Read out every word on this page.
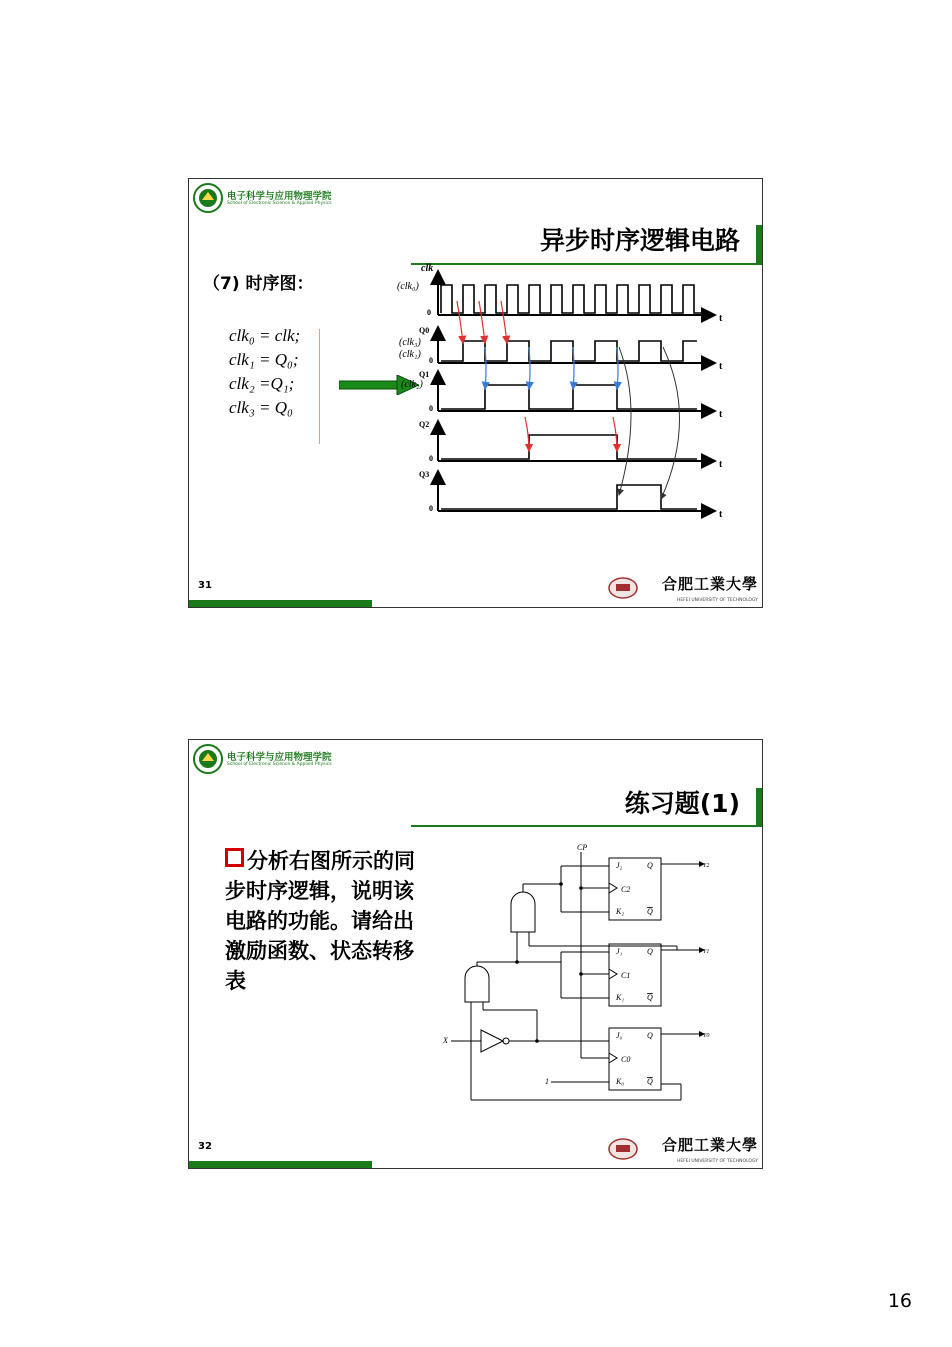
电子科学与应用物理学院
School of Electronic Science & Applied Physics
异步时序逻辑电路
（7) 时序图：
clk₀ = clk;
clk₁ = Q₀;
clk₂ =Q₁;
clk₃ = Q₀
clk
(clk₀)
0
t
Q0
(clk₃)
(clk₁)
0
t
Q1
(clk₂)
0
t
Q2
0
t
Q3
0
t
31	合肥工業大學
HEFEI UNIVERSITY OF TECHNOLOGY
电子科学与应用物理学院
School of Electronic Science & Applied Physics
练习题(1)
分析右图所示的同步时序逻辑，说明该电路的功能。请给出激励函数、状态转移表
CP
J₂
C2
K₂
Q
Q
Y2
J₁
C1
K₁
Q
Q
Y1
J₀
C0
K₀
Q
Q
Y0
X
1
32	合肥工業大學
HEFEI UNIVERSITY OF TECHNOLOGY
16
